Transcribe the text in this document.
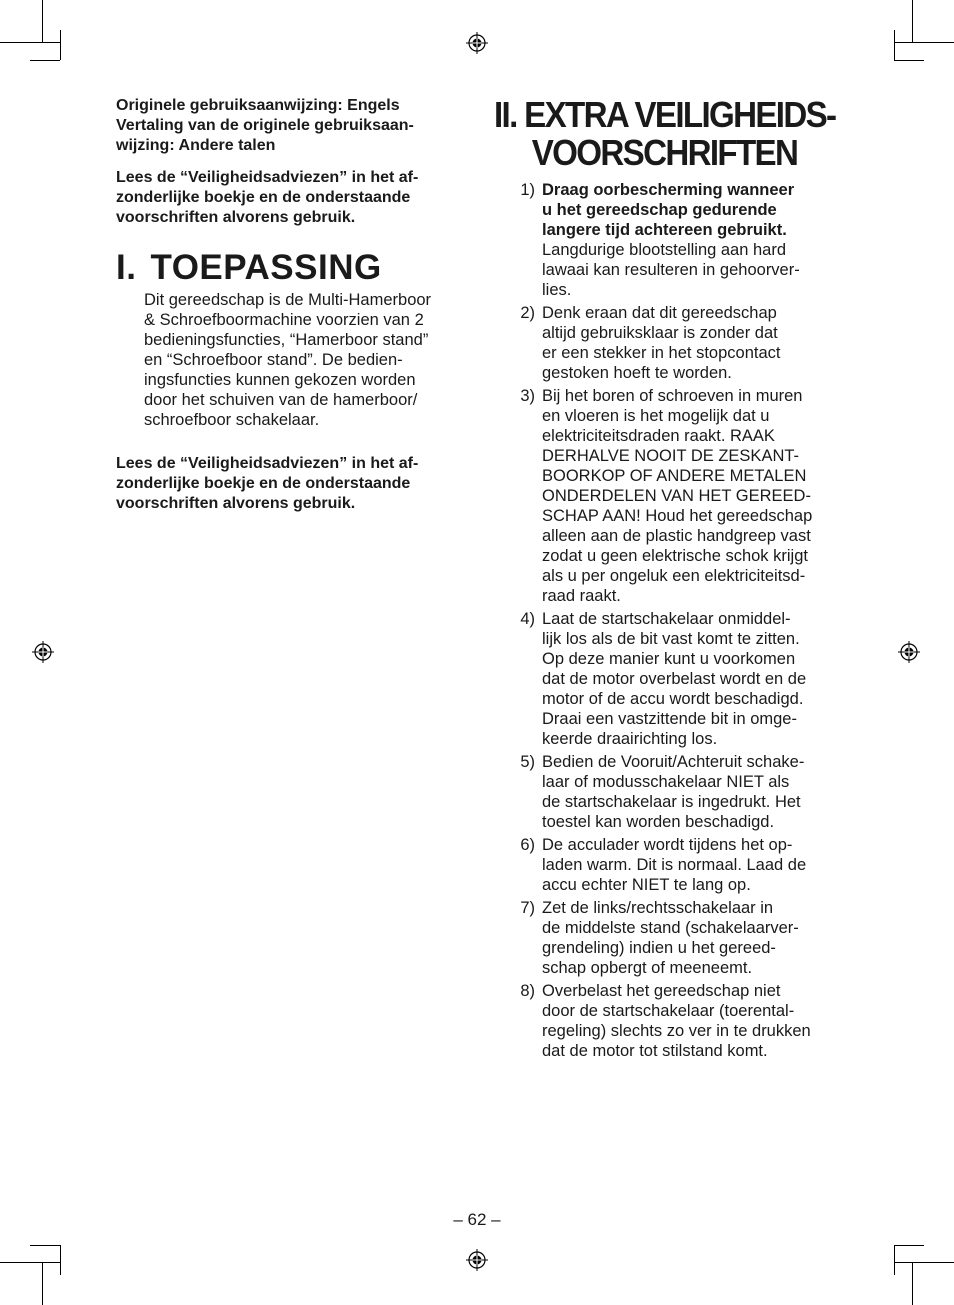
Originele gebruiksaanwijzing: Engels

Vertaling van de originele gebruiksaan-

wijzing: Andere talen

Lees de “Veiligheidsadviezen” in het af-

zonderlijke boekje en de onderstaande

voorschriften alvorens gebruik.

I. TOEPASSING

Dit gereedschap is de Multi-Hamerboor

& Schroefboormachine voorzien van 2

bedieningsfuncties, “Hamerboor stand”

en “Schroefboor stand”. De bedien-

ingsfuncties kunnen gekozen worden

door het schuiven van de hamerboor/

schroefboor schakelaar.

Lees de “Veiligheidsadviezen” in het af-

zonderlijke boekje en de onderstaande

voorschriften alvorens gebruik.

II. EXTRA VEILIGHEIDS-
VOORSCHRIFTEN
1) Draag oorbescherming wanneer

u het gereedschap gedurende

langere tijd achtereen gebruikt.

Langdurige blootstelling aan hard

lawaai kan resulteren in gehoorver-

lies.

2) Denk eraan dat dit gereedschap

altijd gebruiksklaar is zonder dat

er een stekker in het stopcontact

gestoken hoeft te worden.

3) Bij het boren of schroeven in muren

en vloeren is het mogelijk dat u

elektriciteitsdraden raakt. RAAK

DERHALVE NOOIT DE ZESKANT-

BOORKOP OF ANDERE METALEN

ONDERDELEN VAN HET GEREED-

SCHAP AAN! Houd het gereedschap

alleen aan de plastic handgreep vast

zodat u geen elektrische schok krijgt

als u per ongeluk een elektriciteitsd-

raad raakt.

4) Laat de startschakelaar onmiddel-

lijk los als de bit vast komt te zitten.

Op deze manier kunt u voorkomen

dat de motor overbelast wordt en de

motor of de accu wordt beschadigd.

Draai een vastzittende bit in omge-

keerde draairichting los.

5) Bedien de Vooruit/Achteruit schake-

laar of modusschakelaar NIET als

de startschakelaar is ingedrukt. Het

toestel kan worden beschadigd.

6) De acculader wordt tijdens het op-

laden warm. Dit is normaal. Laad de

accu echter NIET te lang op.

7) Zet de links/rechtsschakelaar in

de middelste stand (schakelaarver-

grendeling) indien u het gereed-

schap opbergt of meeneemt.

8) Overbelast het gereedschap niet

door de startschakelaar (toerental-

regeling) slechts zo ver in te drukken

dat de motor tot stilstand komt.

– 62 –
